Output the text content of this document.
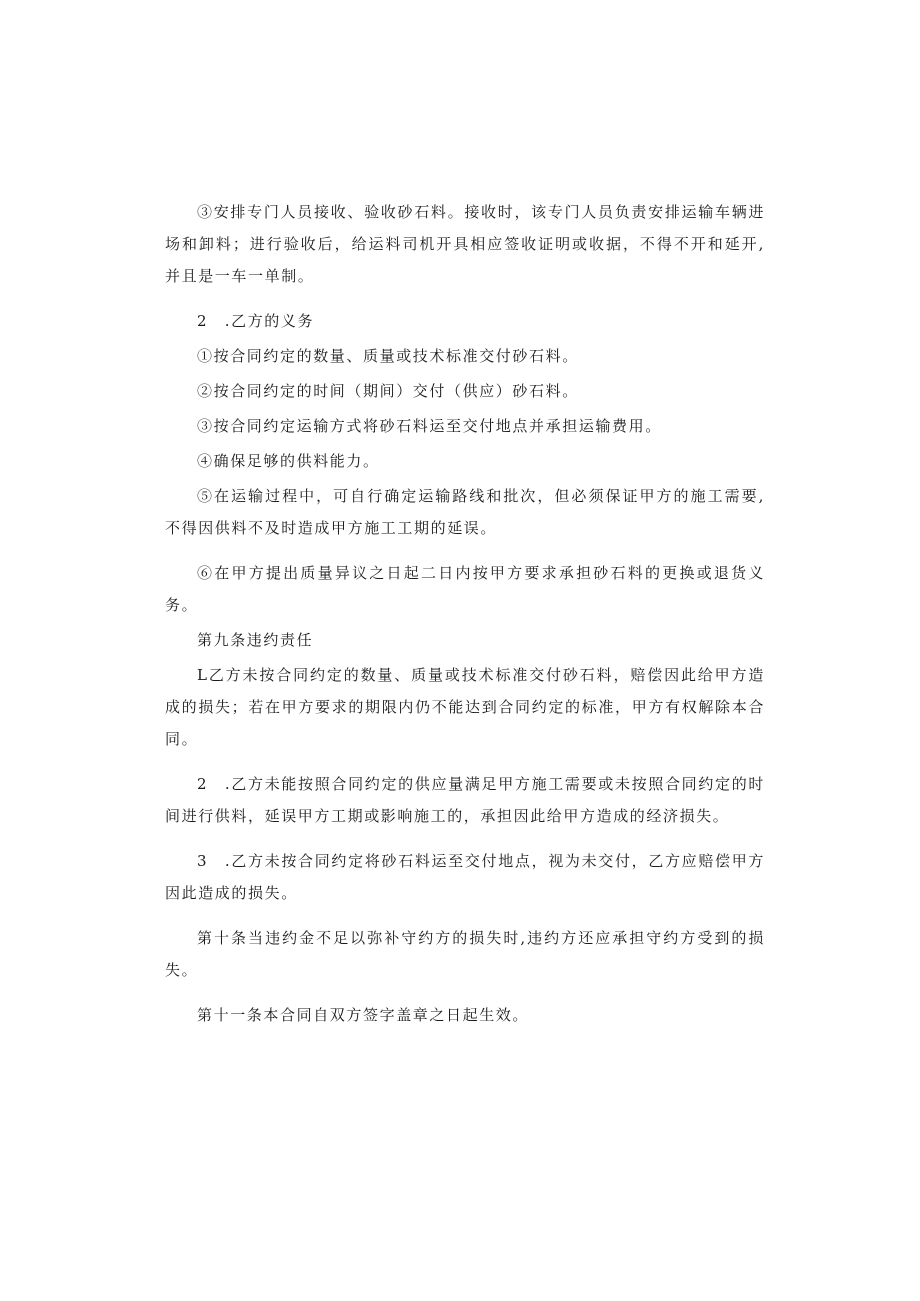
③安排专门人员接收、验收砂石料。接收时，该专门人员负责安排运输车辆进场和卸料；进行验收后，给运料司机开具相应签收证明或收据，不得不开和延开,并且是一车一单制。

2　.乙方的义务

①按合同约定的数量、质量或技术标准交付砂石料。

②按合同约定的时间（期间）交付（供应）砂石料。

③按合同约定运输方式将砂石料运至交付地点并承担运输费用。

④确保足够的供料能力。

⑤在运输过程中，可自行确定运输路线和批次，但必须保证甲方的施工需要,不得因供料不及时造成甲方施工工期的延误。

⑥在甲方提出质量异议之日起二日内按甲方要求承担砂石料的更换或退货义务。

第九条违约责任

L乙方未按合同约定的数量、质量或技术标准交付砂石料，赔偿因此给甲方造成的损失；若在甲方要求的期限内仍不能达到合同约定的标准，甲方有权解除本合同。

2　.乙方未能按照合同约定的供应量满足甲方施工需要或未按照合同约定的时间进行供料，延误甲方工期或影响施工的，承担因此给甲方造成的经济损失。

3　.乙方未按合同约定将砂石料运至交付地点，视为未交付，乙方应赔偿甲方因此造成的损失。

第十条当违约金不足以弥补守约方的损失时,违约方还应承担守约方受到的损失。

第十一条本合同自双方签字盖章之日起生效。
